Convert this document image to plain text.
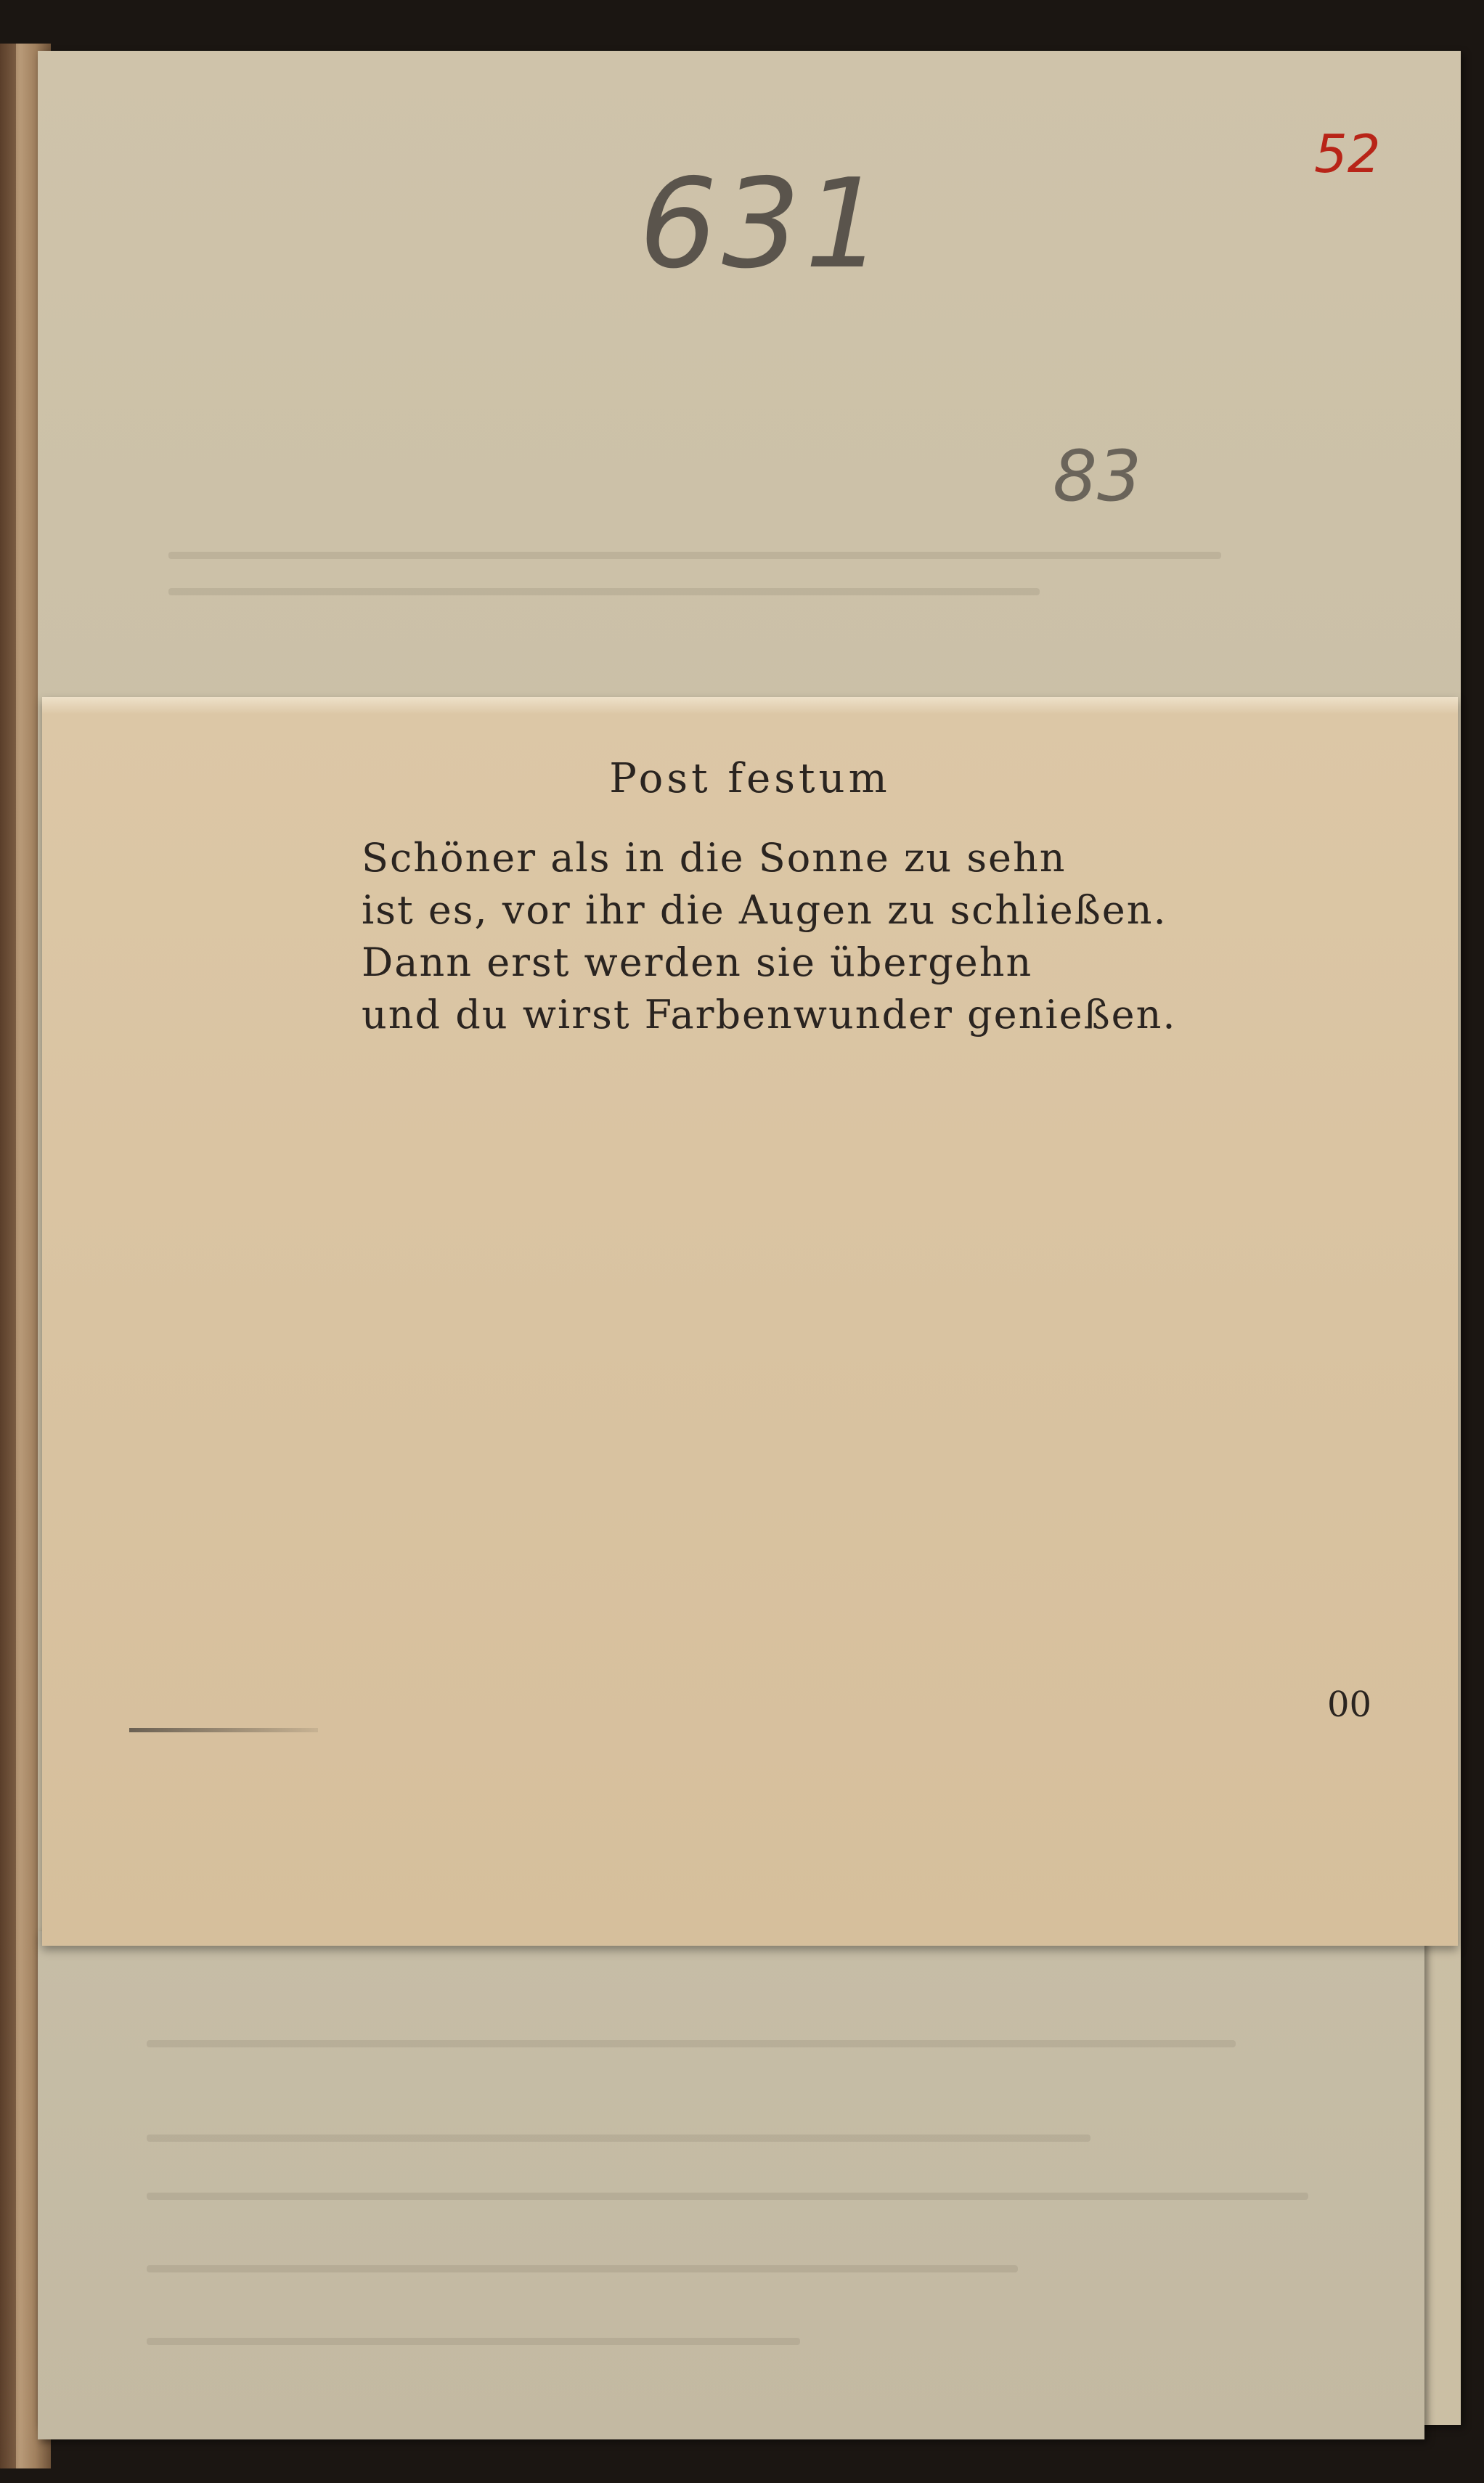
52
631
83
Post festum
Schöner als in die Sonne zu sehn
ist es, vor ihr die Augen zu schließen.
Dann erst werden sie übergehn
und du wirst Farbenwunder genießen.
00
